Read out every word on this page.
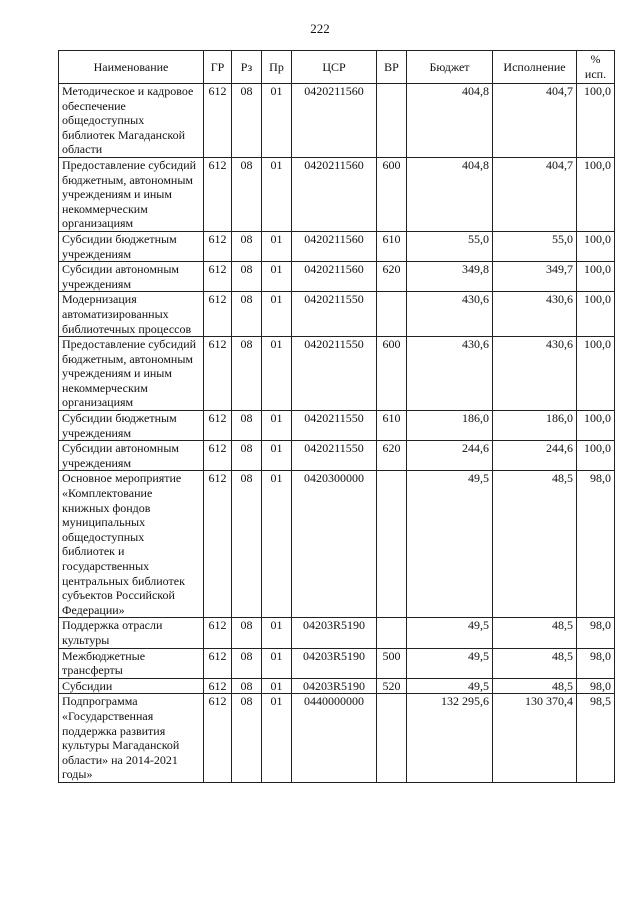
222
Наименование	ГР	Рз	Пр	ЦСР	ВР	Бюджет	Исполнение	%
исп.
Методическое и кадровое обеспечение общедоступных библиотек Магаданской области	612	08	01	0420211560		404,8	404,7	100,0
Предоставление субсидий бюджетным, автономным учреждениям и иным некоммерческим организациям	612	08	01	0420211560	600	404,8	404,7	100,0
Субсидии бюджетным учреждениям	612	08	01	0420211560	610	55,0	55,0	100,0
Субсидии автономным учреждениям	612	08	01	0420211560	620	349,8	349,7	100,0
Модернизация автоматизированных библиотечных процессов	612	08	01	0420211550		430,6	430,6	100,0
Предоставление субсидий бюджетным, автономным учреждениям и иным некоммерческим организациям	612	08	01	0420211550	600	430,6	430,6	100,0
Субсидии бюджетным учреждениям	612	08	01	0420211550	610	186,0	186,0	100,0
Субсидии автономным учреждениям	612	08	01	0420211550	620	244,6	244,6	100,0
Основное мероприятие «Комплектование книжных фондов муниципальных общедоступных библиотек и государственных центральных библиотек субъектов Российской Федерации»	612	08	01	0420300000		49,5	48,5	98,0
Поддержка отрасли культуры	612	08	01	04203R5190		49,5	48,5	98,0
Межбюджетные трансферты	612	08	01	04203R5190	500	49,5	48,5	98,0
Субсидии	612	08	01	04203R5190	520	49,5	48,5	98,0
Подпрограмма «Государственная поддержка развития культуры Магаданской области» на 2014-2021 годы»	612	08	01	0440000000		132 295,6	130 370,4	98,5
